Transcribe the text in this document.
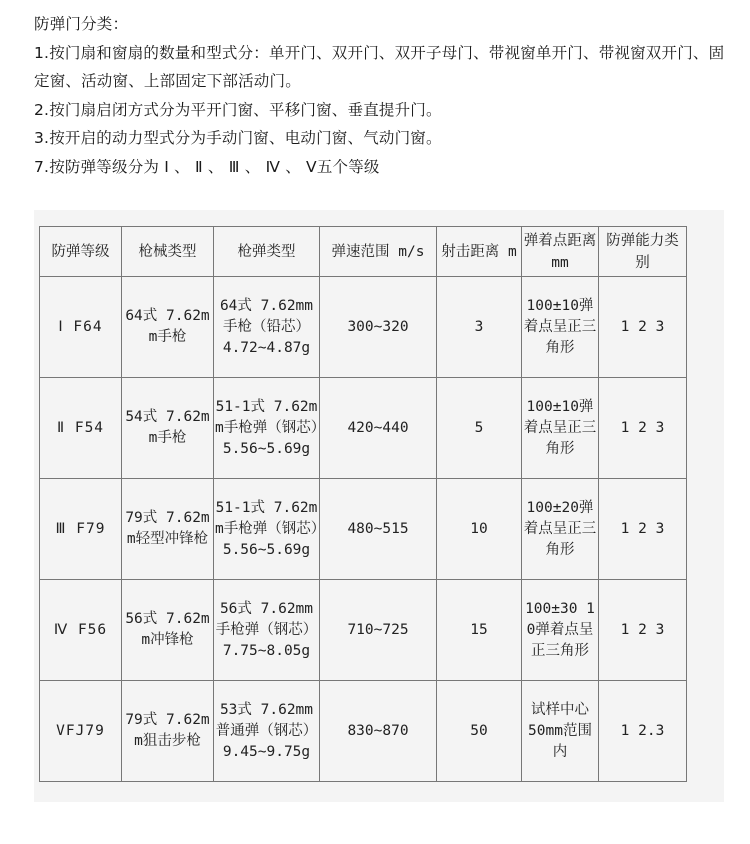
防弹门分类：

1.按门扇和窗扇的数量和型式分：单开门、双开门、双开子母门、带视窗单开门、带视窗双开门、固定窗、活动窗、上部固定下部活动门。

2.按门扇启闭方式分为平开门窗、平移门窗、垂直提升门。

3.按开启的动力型式分为手动门窗、电动门窗、气动门窗。

7.按防弹等级分为 Ⅰ 、 Ⅱ 、 Ⅲ 、 Ⅳ 、 V五个等级

防弹等级	枪械类型	枪弹类型	弹速范围 m/s	射击距离 m	弹着点距离 mm	防弹能力类别
Ⅰ F64	64式 7.62mm手枪	64式 7.62mm手枪（铅芯）4.72~4.87g	300~320	3	100±10弹着点呈正三角形	1 2 3
Ⅱ F54	54式 7.62mm手枪	51-1式 7.62mm手枪弹（钢芯）5.56~5.69g	420~440	5	100±10弹着点呈正三角形	1 2 3
Ⅲ F79	79式 7.62mm轻型冲锋枪	51-1式 7.62mm手枪弹（钢芯）5.56~5.69g	480~515	10	100±20弹着点呈正三角形	1 2 3
Ⅳ F56	56式 7.62mm冲锋枪	56式 7.62mm手枪弹（钢芯）7.75~8.05g	710~725	15	100±30 10弹着点呈正三角形	1 2 3
VFJ79	79式 7.62mm狙击步枪	53式 7.62mm普通弹（钢芯）9.45~9.75g	830~870	50	试样中心 50mm范围内	1 2.3
